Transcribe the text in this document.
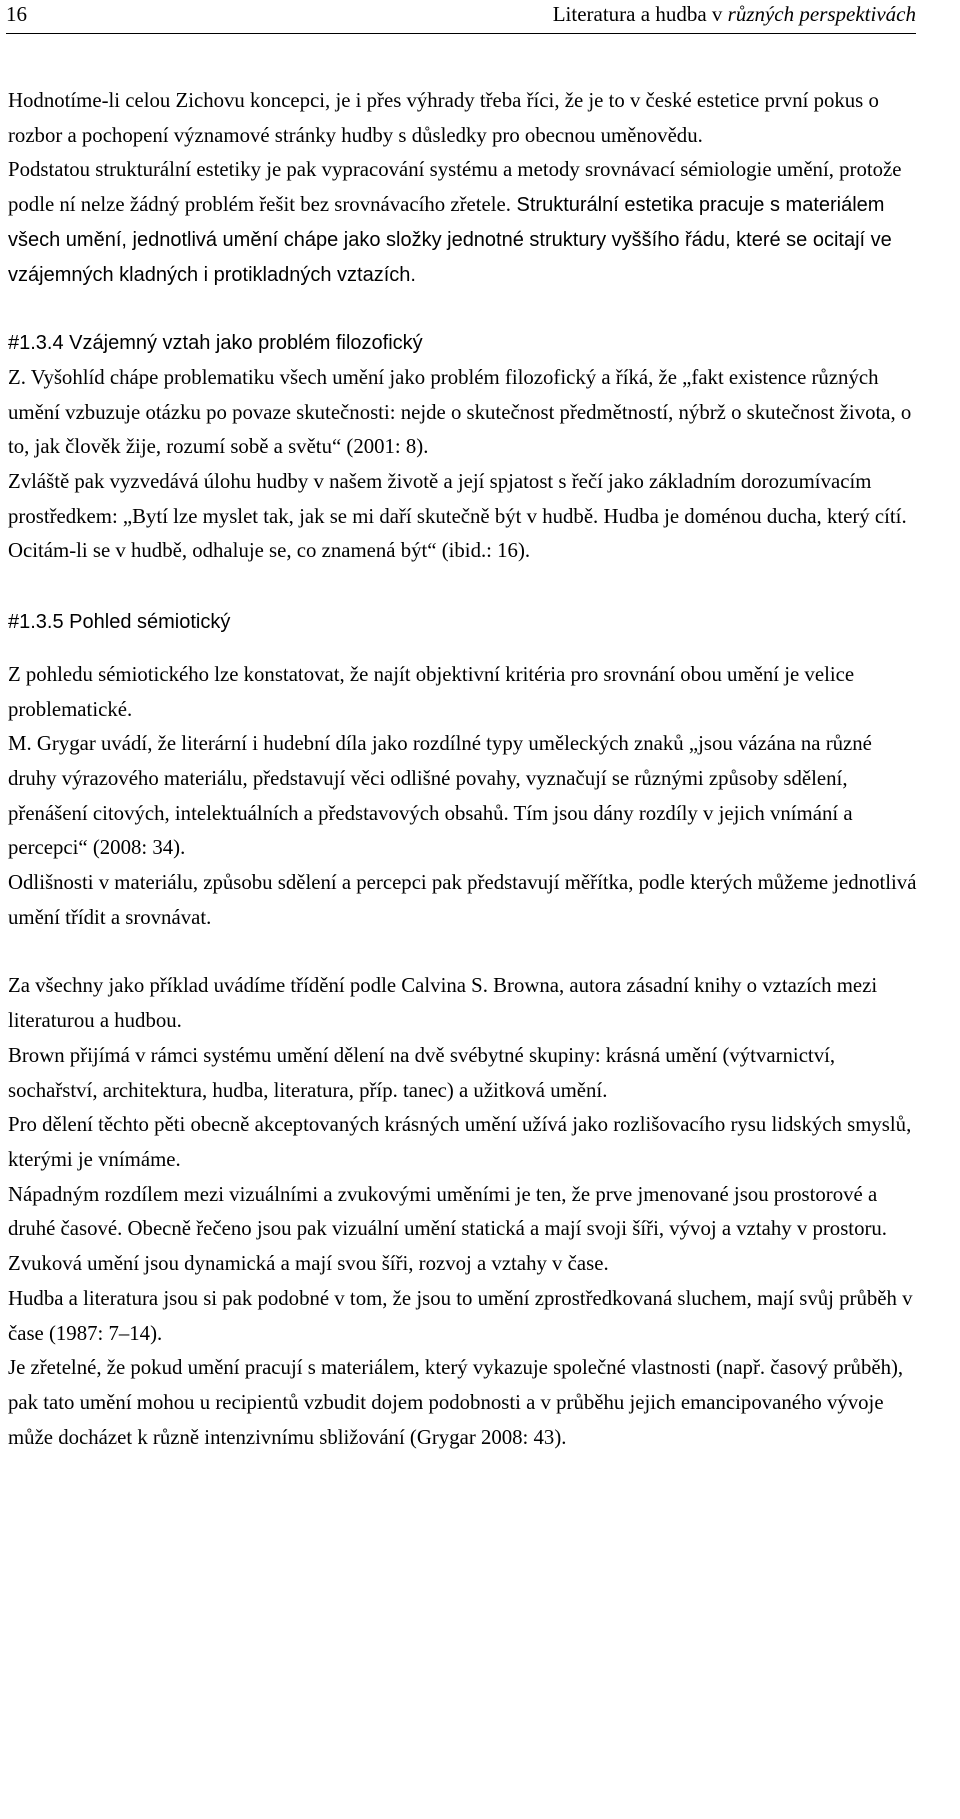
16	Literatura a hudba v různých perspektivách

Hodnotíme-li celou Zichovu koncepci, je i přes výhrady třeba říci, že je to v české estetice první pokus o rozbor a pochopení významové stránky hudby s důsledky pro obecnou uměnovědu.

Podstatou strukturální estetiky je pak vypracování systému a metody srovnávací sémiologie umění, protože podle ní nelze žádný problém řešit bez srovnávacího zřetele. Strukturální estetika pracuje s materiálem všech umění, jednotlivá umění chápe jako složky jednotné struktury vyššího řádu, které se ocitají ve vzájemných kladných i protikladných vztazích.

#1.3.4 Vzájemný vztah jako problém filozofický

Z. Vyšohlíd chápe problematiku všech umění jako problém filozofický a říká, že „fakt existence různých umění vzbuzuje otázku po povaze skutečnosti: nejde o skutečnost předmětností, nýbrž o skutečnost života, o to, jak člověk žije, rozumí sobě a světu“ (2001: 8).

Zvláště pak vyzvedává úlohu hudby v našem životě a její spjatost s řečí jako základním dorozumívacím prostředkem: „Bytí lze myslet tak, jak se mi daří skutečně být v hudbě. Hudba je doménou ducha, který cítí. Ocitám-li se v hudbě, odhaluje se, co znamená být“ (ibid.: 16).

#1.3.5 Pohled sémiotický

Z pohledu sémiotického lze konstatovat, že najít objektivní kritéria pro srovnání obou umění je velice problematické.

M. Grygar uvádí, že literární i hudební díla jako rozdílné typy uměleckých znaků „jsou vázána na různé druhy výrazového materiálu, představují věci odlišné povahy, vyznačují se různými způsoby sdělení, přenášení citových, intelektuálních a představových obsahů. Tím jsou dány rozdíly v jejich vnímání a percepci“ (2008: 34).

Odlišnosti v materiálu, způsobu sdělení a percepci pak představují měřítka, podle kterých můžeme jednotlivá umění třídit a srovnávat.

Za všechny jako příklad uvádíme třídění podle Calvina S. Browna, autora zásadní knihy o vztazích mezi literaturou a hudbou.

Brown přijímá v rámci systému umění dělení na dvě svébytné skupiny: krásná umění (výtvarnictví, sochařství, architektura, hudba, literatura, příp. tanec) a užitková umění.

Pro dělení těchto pěti obecně akceptovaných krásných umění užívá jako rozlišovacího rysu lidských smyslů, kterými je vnímáme.

Nápadným rozdílem mezi vizuálními a zvukovými uměními je ten, že prve jmenované jsou prostorové a druhé časové. Obecně řečeno jsou pak vizuální umění statická a mají svoji šíři, vývoj a vztahy v prostoru. Zvuková umění jsou dynamická a mají svou šíři, rozvoj a vztahy v čase.

Hudba a literatura jsou si pak podobné v tom, že jsou to umění zprostředkovaná sluchem, mají svůj průběh v čase (1987: 7–14).

Je zřetelné, že pokud umění pracují s materiálem, který vykazuje společné vlastnosti (např. časový průběh), pak tato umění mohou u recipientů vzbudit dojem podobnosti a v průběhu jejich emancipovaného vývoje může docházet k různě intenzivnímu sbližování (Grygar 2008: 43).
